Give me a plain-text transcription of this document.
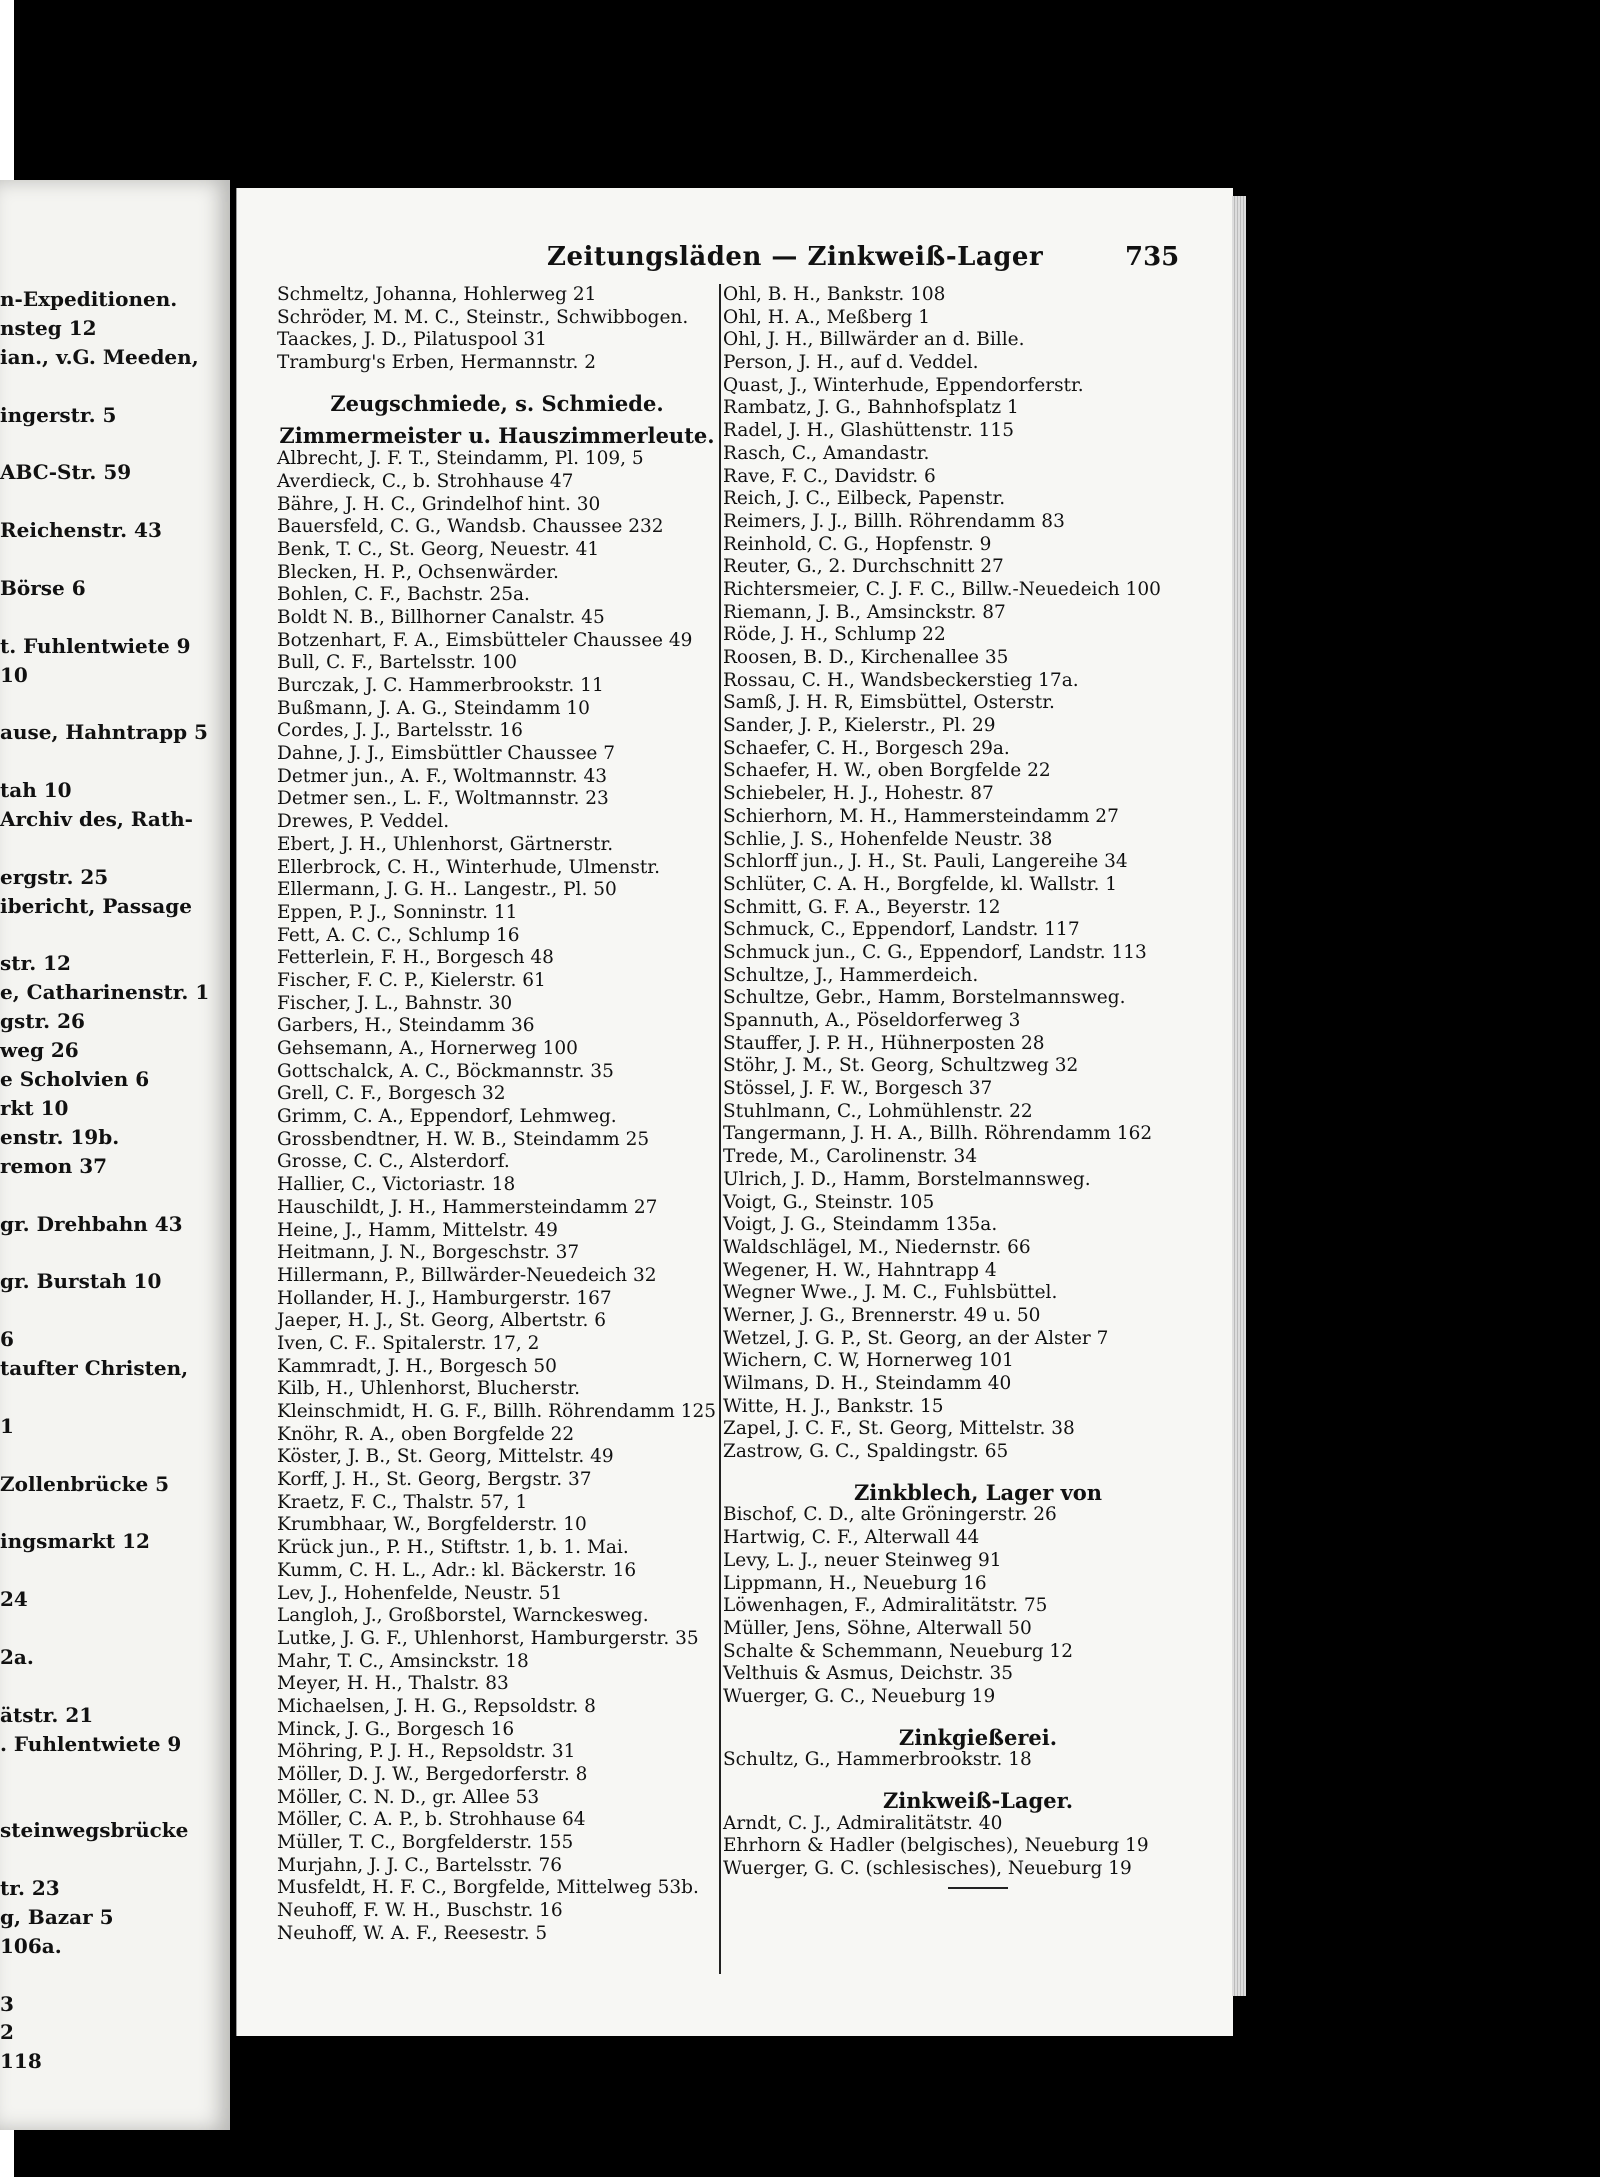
n-Expeditionen.
nsteg 12
ian., v.G. Meeden,
ingerstr. 5
ABC-Str. 59
Reichenstr. 43
Börse 6
t. Fuhlentwiete 9
10
ause, Hahntrapp 5
tah 10
Archiv des, Rath-
ergstr. 25
ibericht, Passage
str. 12
e, Catharinenstr. 1
gstr. 26
weg 26
e Scholvien 6
rkt 10
enstr. 19b.
remon 37
gr. Drehbahn 43
gr. Burstah 10
6
taufter Christen,
1
Zollenbrücke 5
ingsmarkt 12
24
2a.
ätstr. 21
. Fuhlentwiete 9
steinwegsbrücke
tr. 23
g, Bazar 5
106a.
3
2
118
Zeitungsläden — Zinkweiß-Lager	735
Schmeltz, Johanna, Hohlerweg 21
Schröder, M. M. C., Steinstr., Schwibbogen.
Taackes, J. D., Pilatuspool 31
Tramburg's Erben, Hermannstr. 2
Zeugschmiede, s. Schmiede.
Zimmermeister u. Hauszimmerleute.
Albrecht, J. F. T., Steindamm, Pl. 109, 5
Averdieck, C., b. Strohhause 47
Bähre, J. H. C., Grindelhof hint. 30
Bauersfeld, C. G., Wandsb. Chaussee 232
Benk, T. C., St. Georg, Neuestr. 41
Blecken, H. P., Ochsenwärder.
Bohlen, C. F., Bachstr. 25a.
Boldt N. B., Billhorner Canalstr. 45
Botzenhart, F. A., Eimsbütteler Chaussee 49
Bull, C. F., Bartelsstr. 100
Burczak, J. C. Hammerbrookstr. 11
Bußmann, J. A. G., Steindamm 10
Cordes, J. J., Bartelsstr. 16
Dahne, J. J., Eimsbüttler Chaussee 7
Detmer jun., A. F., Woltmannstr. 43
Detmer sen., L. F., Woltmannstr. 23
Drewes, P. Veddel.
Ebert, J. H., Uhlenhorst, Gärtnerstr.
Ellerbrock, C. H., Winterhude, Ulmenstr.
Ellermann, J. G. H.. Langestr., Pl. 50
Eppen, P. J., Sonninstr. 11
Fett, A. C. C., Schlump 16
Fetterlein, F. H., Borgesch 48
Fischer, F. C. P., Kielerstr. 61
Fischer, J. L., Bahnstr. 30
Garbers, H., Steindamm 36
Gehsemann, A., Hornerweg 100
Gottschalck, A. C., Böckmannstr. 35
Grell, C. F., Borgesch 32
Grimm, C. A., Eppendorf, Lehmweg.
Grossbendtner, H. W. B., Steindamm 25
Grosse, C. C., Alsterdorf.
Hallier, C., Victoriastr. 18
Hauschildt, J. H., Hammersteindamm 27
Heine, J., Hamm, Mittelstr. 49
Heitmann, J. N., Borgeschstr. 37
Hillermann, P., Billwärder-Neuedeich 32
Hollander, H. J., Hamburgerstr. 167
Jaeper, H. J., St. Georg, Albertstr. 6
Iven, C. F.. Spitalerstr. 17, 2
Kammradt, J. H., Borgesch 50
Kilb, H., Uhlenhorst, Blucherstr.
Kleinschmidt, H. G. F., Billh. Röhrendamm 125
Knöhr, R. A., oben Borgfelde 22
Köster, J. B., St. Georg, Mittelstr. 49
Korff, J. H., St. Georg, Bergstr. 37
Kraetz, F. C., Thalstr. 57, 1
Krumbhaar, W., Borgfelderstr. 10
Krück jun., P. H., Stiftstr. 1, b. 1. Mai.
Kumm, C. H. L., Adr.: kl. Bäckerstr. 16
Lev, J., Hohenfelde, Neustr. 51
Langloh, J., Großborstel, Warnckesweg.
Lutke, J. G. F., Uhlenhorst, Hamburgerstr. 35
Mahr, T. C., Amsinckstr. 18
Meyer, H. H., Thalstr. 83
Michaelsen, J. H. G., Repsoldstr. 8
Minck, J. G., Borgesch 16
Möhring, P. J. H., Repsoldstr. 31
Möller, D. J. W., Bergedorferstr. 8
Möller, C. N. D., gr. Allee 53
Möller, C. A. P., b. Strohhause 64
Müller, T. C., Borgfelderstr. 155
Murjahn, J. J. C., Bartelsstr. 76
Musfeldt, H. F. C., Borgfelde, Mittelweg 53b.
Neuhoff, F. W. H., Buschstr. 16
Neuhoff, W. A. F., Reesestr. 5
Ohl, B. H., Bankstr. 108
Ohl, H. A., Meßberg 1
Ohl, J. H., Billwärder an d. Bille.
Person, J. H., auf d. Veddel.
Quast, J., Winterhude, Eppendorferstr.
Rambatz, J. G., Bahnhofsplatz 1
Radel, J. H., Glashüttenstr. 115
Rasch, C., Amandastr.
Rave, F. C., Davidstr. 6
Reich, J. C., Eilbeck, Papenstr.
Reimers, J. J., Billh. Röhrendamm 83
Reinhold, C. G., Hopfenstr. 9
Reuter, G., 2. Durchschnitt 27
Richtersmeier, C. J. F. C., Billw.-Neuedeich 100
Riemann, J. B., Amsinckstr. 87
Röde, J. H., Schlump 22
Roosen, B. D., Kirchenallee 35
Rossau, C. H., Wandsbeckerstieg 17a.
Samß, J. H. R, Eimsbüttel, Osterstr.
Sander, J. P., Kielerstr., Pl. 29
Schaefer, C. H., Borgesch 29a.
Schaefer, H. W., oben Borgfelde 22
Schiebeler, H. J., Hohestr. 87
Schierhorn, M. H., Hammersteindamm 27
Schlie, J. S., Hohenfelde Neustr. 38
Schlorff jun., J. H., St. Pauli, Langereihe 34
Schlüter, C. A. H., Borgfelde, kl. Wallstr. 1
Schmitt, G. F. A., Beyerstr. 12
Schmuck, C., Eppendorf, Landstr. 117
Schmuck jun., C. G., Eppendorf, Landstr. 113
Schultze, J., Hammerdeich.
Schultze, Gebr., Hamm, Borstelmannsweg.
Spannuth, A., Pöseldorferweg 3
Stauffer, J. P. H., Hühnerposten 28
Stöhr, J. M., St. Georg, Schultzweg 32
Stössel, J. F. W., Borgesch 37
Stuhlmann, C., Lohmühlenstr. 22
Tangermann, J. H. A., Billh. Röhrendamm 162
Trede, M., Carolinenstr. 34
Ulrich, J. D., Hamm, Borstelmannsweg.
Voigt, G., Steinstr. 105
Voigt, J. G., Steindamm 135a.
Waldschlägel, M., Niedernstr. 66
Wegener, H. W., Hahntrapp 4
Wegner Wwe., J. M. C., Fuhlsbüttel.
Werner, J. G., Brennerstr. 49 u. 50
Wetzel, J. G. P., St. Georg, an der Alster 7
Wichern, C. W, Hornerweg 101
Wilmans, D. H., Steindamm 40
Witte, H. J., Bankstr. 15
Zapel, J. C. F., St. Georg, Mittelstr. 38
Zastrow, G. C., Spaldingstr. 65
Zinkblech, Lager von
Bischof, C. D., alte Gröningerstr. 26
Hartwig, C. F., Alterwall 44
Levy, L. J., neuer Steinweg 91
Lippmann, H., Neueburg 16
Löwenhagen, F., Admiralitätstr. 75
Müller, Jens, Söhne, Alterwall 50
Schalte & Schemmann, Neueburg 12
Velthuis & Asmus, Deichstr. 35
Wuerger, G. C., Neueburg 19
Zinkgießerei.
Schultz, G., Hammerbrookstr. 18
Zinkweiß-Lager.
Arndt, C. J., Admiralitätstr. 40
Ehrhorn & Hadler (belgisches), Neueburg 19
Wuerger, G. C. (schlesisches), Neueburg 19
